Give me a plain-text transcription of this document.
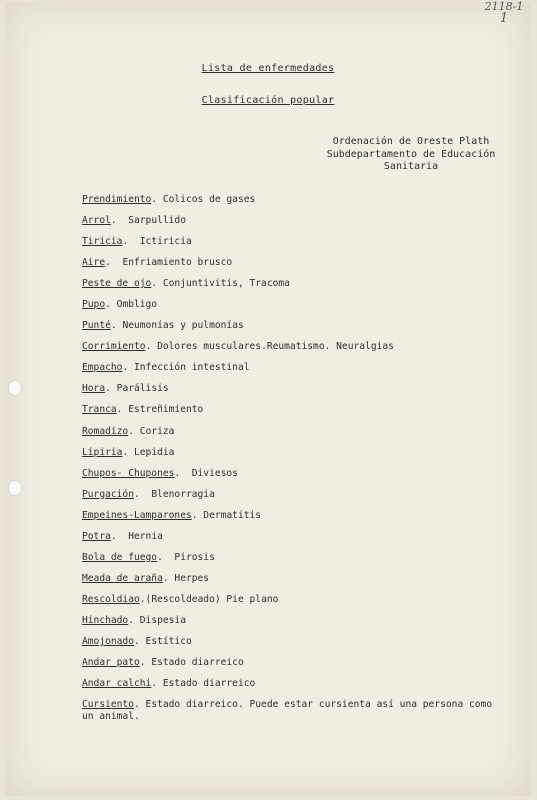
2118-1
1
Lista de enfermedades
Clasificación popular
Ordenación de Oreste Plath
Subdepartamento de Educación
Sanitaria
Prendimiento. Colicos de gases
Arrol.  Sarpullido
Tiricia.  Ictiricia
Aire.  Enfriamiento brusco
Peste de ojo. Conjuntivitis, Tracoma
Pupo. Ombligo
Punté. Neumonías y pulmonías
Corrimiento. Dolores musculares.Reumatismo. Neuralgias
Empacho. Infección intestinal
Hora. Parálisis
Tranca. Estreñimiento
Romadizo. Coriza
Lipiria. Lepidia
Chupos- Chupones.  Diviesos
Purgación.  Blenorragia
Empeines-Lamparones. Dermatitis
Potra.  Hernia
Bola de fuego.  Pirosis
Meada de araña. Herpes
Rescoldiao.(Rescoldeado) Pie plano
Hinchado. Dispesia
Amojonado. Estítico
Andar pato. Estado diarreico
Andar calchi. Estado diarreico
Cursiento. Estado diarreico. Puede estar cursienta así una persona como un animal.
